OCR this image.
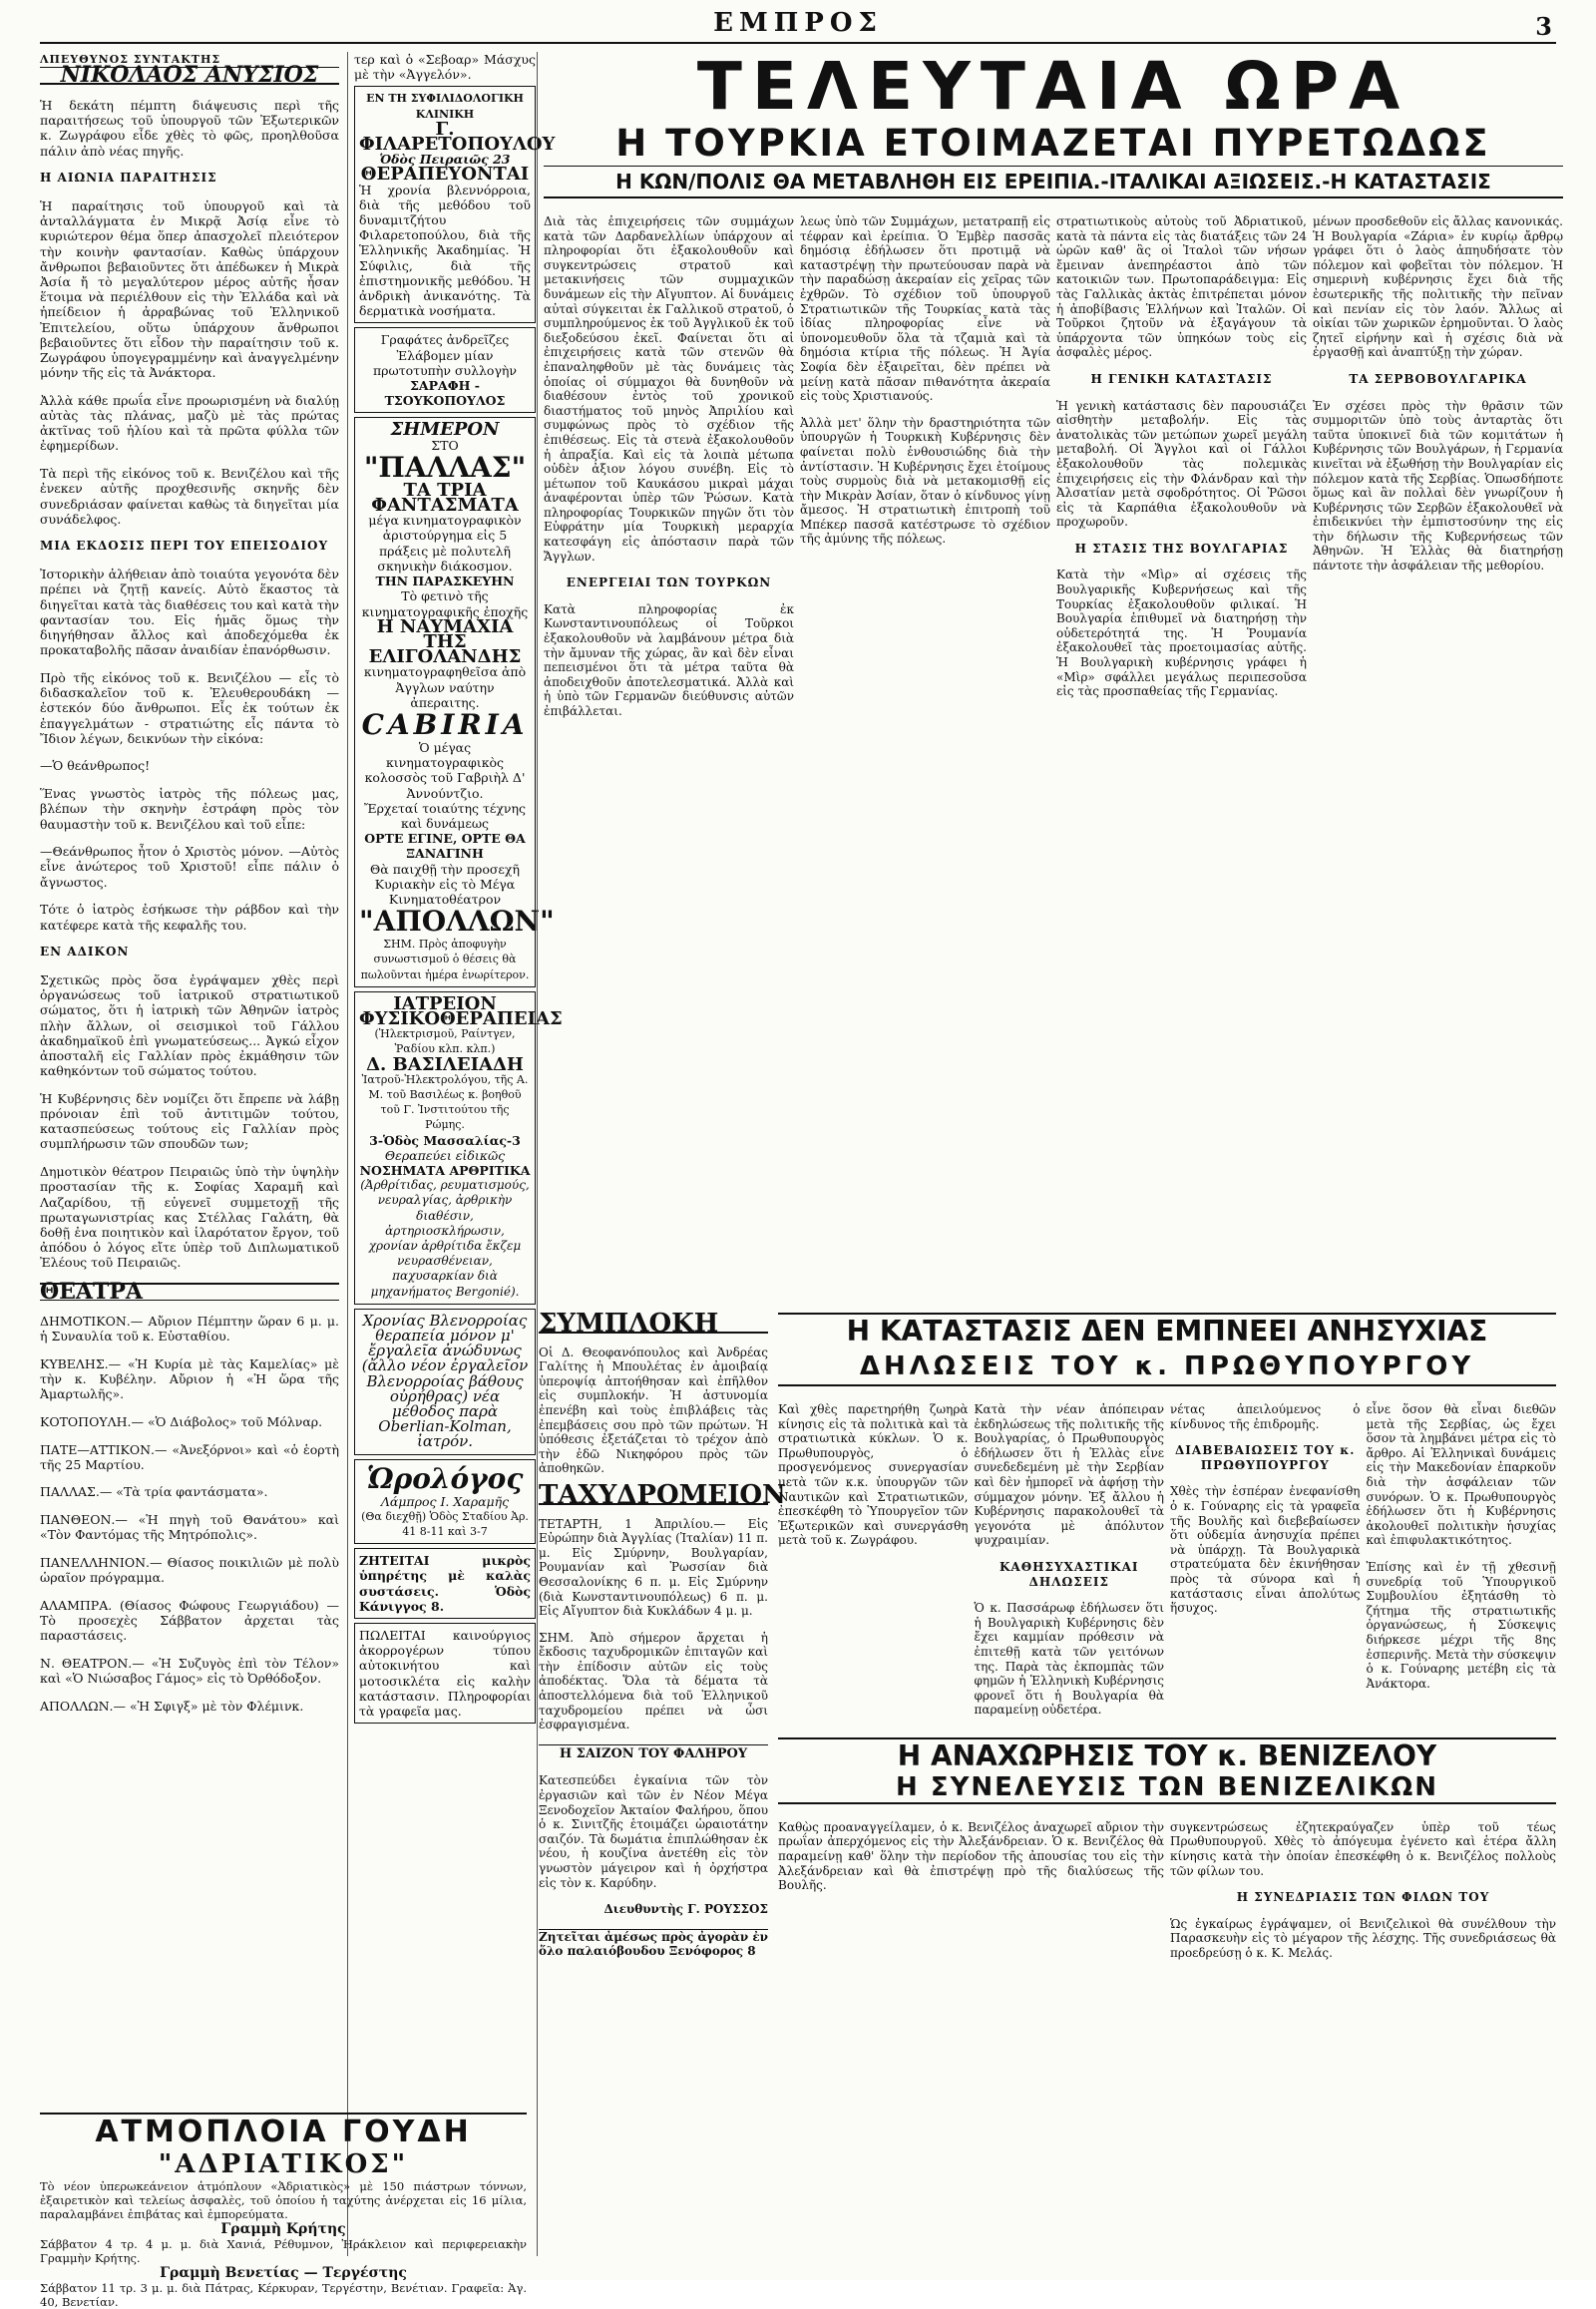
ΕΜΠΡΟΣ	3
ΛΠΕΥΘΥΝΟΣ ΣΥΝΤΑΚΤΗΣ
ΝΙΚΟΛΑΟΣ ΑΝΥΣΙΟΣ

Ἡ δεκάτη πέμπτη διάψευσις περὶ τῆς παραιτήσεως τοῦ ὑπουργοῦ τῶν Ἐξωτερικῶν κ. Ζωγράφου εἶδε χθὲς τὸ φῶς, προηλθοῦσα πάλιν ἀπὸ νέας πηγῆς.

Η ΑΙΩΝΙΑ ΠΑΡΑΙΤΗΣΙΣ

Ἡ παραίτησις τοῦ ὑπουργοῦ καὶ τὰ ἀνταλλάγματα ἐν Μικρᾷ Ἀσίᾳ εἶνε τὸ κυριώτερον θέμα ὅπερ ἀπασχολεῖ πλειότερον τὴν κοινὴν φαντασίαν. Καθὼς ὑπάρχουν ἄνθρωποι βεβαιοῦντες ὅτι ἀπέδωκεν ἡ Μικρὰ Ἀσία ἤ τὸ μεγαλύτερον μέρος αὐτῆς ἦσαν ἕτοιμα νὰ περιέλθουν εἰς τὴν Ἑλλάδα καὶ νὰ ἠπείδειον ἡ ἀρραβώνας τοῦ Ἑλληνικοῦ Ἐπιτελείου, οὕτω ὑπάρχουν ἄνθρωποι βεβαιοῦντες ὅτι εἶδον τὴν παραίτησιν τοῦ κ. Ζωγράφου ὑπογεγραμμένην καὶ ἀναγγελμένην μόνην τῆς εἰς τὰ Ἀνάκτορα.

Ἀλλὰ κάθε πρωΐα εἶνε προωρισμένη νὰ διαλύῃ αὐτὰς τὰς πλάνας, μαζὺ μὲ τὰς πρώτας ἀκτῖνας τοῦ ἡλίου καὶ τὰ πρῶτα φύλλα τῶν ἐφημερίδων.

Τὰ περὶ τῆς εἰκόνος τοῦ κ. Βενιζέλου καὶ τῆς ἐνεκεν αὐτῆς προχθεσινῆς σκηνῆς δὲν συνεδριάσαν φαίνεται καθὼς τὰ διηγεῖται μία συνάδελφος.

ΜΙΑ ΕΚΔΟΣΙΣ ΠΕΡΙ ΤΟΥ ΕΠΕΙΣΟΔΙΟΥ

Ἰστορικὴν ἀλήθειαν ἀπὸ τοιαύτα γεγονότα δὲν πρέπει νὰ ζητῇ κανείς. Αὐτὸ ἕκαστος τὰ διηγεῖται κατὰ τὰς διαθέσεις του καὶ κατὰ τὴν φαντασίαν του. Εἰς ἡμᾶς ὅμως τὴν διηγήθησαν ἄλλος καὶ ἀποδεχόμεθα ἐκ προκαταβολῆς πᾶσαν ἀναιδίαν ἐπανόρθωσιν.

Πρὸ τῆς εἰκόνος τοῦ κ. Βενιζέλου — εἶς τὸ διδασκαλεῖον τοῦ κ. Ἐλευθερουδάκη — ἐστεκόν δύο ἄνθρωποι. Εἶς ἐκ τούτων ἐκ ἐπαγγελμάτων - στρατιώτης εἶς πάντα τὸ Ἴδιον λέγων, δεικνύων τὴν εἰκόνα:

—Ὁ θεάνθρωπος!

Ἕνας γνωστὸς ἰατρὸς τῆς πόλεως μας, βλέπων τὴν σκηνὴν ἐστράφη πρὸς τὸν θαυμαστὴν τοῦ κ. Βενιζέλου καὶ τοῦ εἶπε:

—Θεάνθρωπος ἦτον ὁ Χριστὸς μόνον. —Αὐτὸς εἶνε ἀνώτερος τοῦ Χριστοῦ! εἶπε πάλιν ὁ ἄγνωστος.

Τότε ὁ ἰατρὸς ἐσήκωσε τὴν ράβδον καὶ τὴν κατέφερε κατὰ τῆς κεφαλῆς του.

ΕΝ ΑΔΙΚΟΝ

Σχετικῶς πρὸς ὅσα ἐγράψαμεν χθὲς περὶ ὀργανώσεως τοῦ ἰατρικοῦ στρατιωτικοῦ σώματος, ὅτι ἡ ἰατρικὴ τῶν Ἀθηνῶν ἰατρὸς πλὴν ἄλλων, οἱ σεισμικοὶ τοῦ Γάλλου ἀκαδημαϊκοῦ ἐπὶ γνωματεύσεως... Ἀγκώ εἶχον ἀποσταλῆ εἰς Γαλλίαν πρὸς ἐκμάθησιν τῶν καθηκόντων τοῦ σώματος τούτου.

Ἡ Κυβέρνησις δὲν νομίζει ὅτι ἔπρεπε νὰ λάβῃ πρόνοιαν ἐπὶ τοῦ ἀντιτιμῶν τούτου, κατασπεύσεως τούτους εἰς Γαλλίαν πρὸς συμπλήρωσιν τῶν σπουδῶν των;

Δημοτικὸν θέατρον Πειραιῶς ὑπὸ τὴν ὑψηλὴν προστασίαν τῆς κ. Σοφίας Χαραμῆ καὶ Λαζαρίδου, τῇ εὐγενεῖ συμμετοχῇ τῆς πρωταγωνιστρίας κας Στέλλας Γαλάτη, θὰ δοθῇ ἐνα ποιητικὸν καὶ ἱλαρότατον ἔργον, τοῦ ἀπόδου ὁ λόγος εἴτε ὑπὲρ τοῦ Διπλωματικοῦ Ἐλέους τοῦ Πειραιῶς.

ΘΕΑΤΡΑ

ΔΗΜΟΤΙΚΟΝ.— Αὔριον Πέμπτην ὥραν 6 μ. μ. ἡ Συναυλία τοῦ κ. Εὐσταθίου.

ΚΥΒΕΛΗΣ.— «Ἡ Κυρία μὲ τὰς Καμελίας» μὲ τὴν κ. Κυβέλην. Αὔριον ἡ «Ἡ ὥρα τῆς Ἀμαρτωλῆς».

ΚΟΤΟΠΟΥΛΗ.— «Ὁ Διάβολος» τοῦ Μόλναρ.

ΠΑΤΕ—ΑΤΤΙΚΟΝ.— «Ἀνεξόρνοι» καὶ «ὁ ἑορτὴ τῆς 25 Μαρτίου.

ΠΑΛΛΑΣ.— «Τὰ τρία φαντάσματα».

ΠΑΝΘΕΟΝ.— «Ἡ πηγὴ τοῦ Θανάτου» καὶ «Τὸν Φαντόμας τῆς Μητρόπολις».

ΠΑΝΕΛΛΗΝΙΟΝ.— Θίασος ποικιλιῶν μὲ πολὺ ὡραῖον πρόγραμμα.

ΑΛΑΜΠΡΑ. (Θίασος Φώφους Γεωργιάδου) —Τὸ προσεχὲς Σάββατον ἀρχεται τὰς παραστάσεις.

Ν. ΘΕΑΤΡΟΝ.— «Ἡ Συζυγὸς ἐπὶ τὸν Τέλον» καὶ «Ὁ Νιώσαβος Γάμος» εἰς τὸ Ὀρθόδοξον.

ΑΠΟΛΛΩΝ.— «Ἡ Σφιγξ» μὲ τὸν Φλέμινκ.

τερ καὶ ὁ «Σεβοαρ» Μάσχυς μὲ τὴν «Ἀγγελόν».
ΕΝ ΤΗ ΣΥΦΙΛΙΔΟΛΟΓΙΚΗ ΚΛΙΝΙΚΗ
Γ. ΦΙΛΑΡΕΤΟΠΟΥΛΟΥ
Ὁδὸς Πειραιῶς 23
ΘΕΡΑΠΕΥΟΝΤΑΙ
Ἡ χρονία βλεννόρροια, διὰ τῆς μεθόδου τοῦ δυναμιτζήτου Φιλαρετοπούλου, διὰ τῆς Ἑλληνικῆς Ἀκαδημίας. Ἡ Σύφιλις, διὰ τῆς ἐπιστημονικῆς μεθόδου. Ἡ ἀνδρικὴ ἀνικανότης. Τὰ δερματικὰ νοσήματα.
Γραφάτες ἀνδρεῖζες Ἐλάβομεν μίαν πρωτοτυπὴν συλλογὴν
ΣΑΡΑΦΗ - ΤΣΟΥΚΟΠΟΥΛΟΣ
ΣΗΜΕΡΟΝ
ΣΤΟ "ΠΑΛΛΑΣ"
ΤΑ ΤΡΙΑ ΦΑΝΤΑΣΜΑΤΑ
μέγα κινηματογραφικὸν ἀριστούργημα εἰς 5 πράξεις μὲ πολυτελῆ σκηνικὴν διάκοσμον.
ΤΗΝ ΠΑΡΑΣΚΕΥΗΝ
Τὸ φετινὸ τῆς κινηματογραφικῆς ἐποχῆς
Η ΝΑΥΜΑΧΙΑ ΤΗΣ ΕΛΙΓΟΛΑΝΔΗΣ
κινηματογραφηθεῖσα ἀπὸ Ἀγγλων ναύτην ἀπεραιτης.
CABIRIA
Ὁ μέγας κινηματογραφικὸς κολοσσὸς τοῦ Γαβριὴλ Δ' Ἀννούντζιο.
Ἔρχεταί τοιαύτης τέχνης καὶ δυνάμεως
ΟΡΤΕ ΕΓΙΝΕ, ΟΡΤΕ ΘΑ ΞΑΝΑΓΙΝΗ
Θὰ παιχθῇ τὴν προσεχῆ Κυριακὴν εἰς τὸ Μέγα Κινηματοθέατρον
"ΑΠΟΛΛΩΝ"
ΣΗΜ. Πρὸς ἀποφυγὴν συνωστισμοῦ ὁ θέσεις θὰ πωλοῦνται ἡμέρα ἐνωρίτερον.
ΙΑΤΡΕΙΟΝ
ΦΥΣΙΚΟΘΕΡΑΠΕΙΑΣ
(Ἠλεκτρισμοῦ, Ραίντγεν, Ῥαδίου κλπ. κλπ.)
Δ. ΒΑΣΙΛΕΙΑΔΗ
Ἰατροῦ-Ἠλεκτρολόγου, τῆς Α. Μ. τοῦ Βασιλέως κ. βοηθοῦ τοῦ Γ. Ἰνστιτούτου τῆς Ρώμης.
3-Ὁδὸς Μασσαλίας-3
Θεραπεύει εἰδικῶς
ΝΟΣΗΜΑΤΑ ΑΡΘΡΙΤΙΚΑ
(Ἀρθρίτιδας, ρευματισμούς, νευραλγίας, ἀρθρικὴν διαθέσιν, ἀρτηριοσκλήρωσιν, χρονίαν ἀρθρίτιδα ἔκζεμ νευρασθένειαν, παχυσαρκίαν διὰ μηχανήματος Bergonié).
Χρονίας Βλενορροίας θεραπεία μόνον μ' ἔργαλεῖα ἀνώδυνως (ἄλλο νέον ἐργαλεῖον Βλενορροίας βάθους οὐρήθρας) νέα μέθοδος παρὰ Oberlian-Kolman, ἰατρόν.
Ὡρολόγος
Λάμπρος Ι. Χαραμῆς
(Θα διεχθῇ) Ὁδὸς Σταδίου Ἀρ. 41 8-11 καὶ 3-7
ΖΗΤΕΙΤΑΙ μικρὸς ὑπηρέτης μὲ καλὰς συστάσεις. Ὁδὸς Κάνιγγος 8.
ΠΩΛΕΙΤΑΙ καινούργιος ἀκορρογέρων τύπου αὐτοκινήτου καὶ μοτοσικλέτα εἰς καλὴν κατάστασιν. Πληροφορίαι τὰ γραφεῖα μας.
ΤΕΛΕΥΤΑΙΑ ΩΡΑ
Η ΤΟΥΡΚΙΑ ΕΤΟΙΜΑΖΕΤΑΙ ΠΥΡΕΤΩΔΩΣ
Η ΚΩΝ/ΠΟΛΙΣ ΘΑ ΜΕΤΑΒΛΗΘΗ ΕΙΣ ΕΡΕΙΠΙΑ.-ΙΤΑΛΙΚΑΙ ΑΞΙΩΣΕΙΣ.-Η ΚΑΤΑΣΤΑΣΙΣ

Διὰ τὰς ἐπιχειρήσεις τῶν συμμάχων κατὰ τῶν Δαρδανελλίων ὑπάρχουν αἱ πληροφορίαι ὅτι ἐξακολουθοῦν καὶ συγκεντρώσεις στρατοῦ καὶ μετακινήσεις τῶν συμμαχικῶν δυνάμεων εἰς τὴν Αἴγυπτον. Αἱ δυνάμεις αὐταὶ σύγκειται ἐκ Γαλλικοῦ στρατοῦ, ὁ συμπληρούμενος ἐκ τοῦ Ἀγγλικοῦ ἐκ τοῦ διεξοδεύσου ἐκεῖ. Φαίνεται ὅτι αἱ ἐπιχειρήσεις κατὰ τῶν στενῶν θὰ ἐπαναληφθοῦν μὲ τὰς δυνάμεις τὰς ὁποίας οἱ σύμμαχοι θὰ δυνηθοῦν νὰ διαθέσουν ἐντὸς τοῦ χρονικοῦ διαστήματος τοῦ μηνὸς Ἀπριλίου καὶ συμφώνως πρὸς τὸ σχέδιον τῆς ἐπιθέσεως. Εἰς τὰ στενὰ ἐξακολουθοῦν ἡ ἀπραξία. Καὶ εἰς τὰ λοιπὰ μέτωπα οὐδὲν ἀξιον λόγου συνέβη. Εἰς τὸ μέτωπον τοῦ Καυκάσου μικραὶ μάχαι ἀναφέρονται ὑπὲρ τῶν Ῥώσων. Κατὰ πληροφορίας Τουρκικῶν πηγῶν ὅτι τὸν Εὐφράτην μία Τουρκικὴ μεραρχία κατεσφάγη εἰς ἀπόστασιν παρὰ τῶν Ἄγγλων.

ΕΝΕΡΓΕΙΑΙ ΤΩΝ ΤΟΥΡΚΩΝ

Κατὰ πληροφορίας ἐκ Κωνσταντινουπόλεως οἱ Τοῦρκοι ἐξακολουθοῦν νὰ λαμβάνουν μέτρα διὰ τὴν ἄμυναν τῆς χώρας, ἂν καὶ δὲν εἶναι πεπεισμένοι ὅτι τὰ μέτρα ταῦτα θὰ ἀποδειχθοῦν ἀποτελεσματικά. Ἀλλὰ καὶ ἡ ὑπὸ τῶν Γερμανῶν διεύθυνσις αὐτῶν ἐπιβάλλεται.

λεως ὑπὸ τῶν Συμμάχων, μετατραπῇ εἰς τέφραν καὶ ἐρείπια. Ὁ Ἐμβὲρ πασσᾶς δημόσιᾳ ἐδήλωσεν ὅτι προτιμᾷ νὰ καταστρέψῃ τὴν πρωτεύουσαν παρὰ νὰ τὴν παραδώσῃ ἀκεραίαν εἰς χεῖρας τῶν ἐχθρῶν. Τὸ σχέδιον τοῦ ὑπουργοῦ Στρατιωτικῶν τῆς Τουρκίας κατὰ τὰς ἰδίας πληροφορίας εἶνε νὰ ὑπονομευθοῦν ὅλα τὰ τζαμιὰ καὶ τὰ δημόσια κτίρια τῆς πόλεως. Ἡ Ἁγία Σοφία δὲν ἐξαιρεῖται, δὲν πρέπει νὰ μείνῃ κατὰ πᾶσαν πιθανότητα ἀκεραία εἰς τοὺς Χριστιανούς.

Ἀλλὰ μετ' ὅλην τὴν δραστηριότητα τῶν ὑπουργῶν ἡ Τουρκικὴ Κυβέρνησις δὲν φαίνεται πολὺ ἐνθουσιώδης διὰ τὴν ἀντίστασιν. Ἡ Κυβέρνησις ἔχει ἑτοίμους τοὺς συρμοὺς διὰ νὰ μετακομισθῇ εἰς τὴν Μικρὰν Ἀσίαν, ὅταν ὁ κίνδυνος γίνῃ ἄμεσος. Ἡ στρατιωτικὴ ἐπιτροπὴ τοῦ Μπέκερ πασσᾶ κατέστρωσε τὸ σχέδιον τῆς ἀμύνης τῆς πόλεως.

στρατιωτικοὺς αὐτοὺς τοῦ Ἀδριατικοῦ, κατὰ τὰ πάντα εἰς τὰς διατάξεις τῶν 24 ὡρῶν καθ' ἃς οἱ Ἰταλοὶ τῶν νήσων ἔμειναν ἀνεπηρέαστοι ἀπὸ τῶν κατοικιῶν των. Πρωτοπαράδειγμα: Εἰς τὰς Γαλλικὰς ἀκτὰς ἐπιτρέπεται μόνον ἡ ἀποβίβασις Ἑλλήνων καὶ Ἰταλῶν. Οἱ Τοῦρκοι ζητοῦν νὰ ἐξαγάγουν τὰ ὑπάρχοντα τῶν ὑπηκόων τοὺς εἰς ἀσφαλὲς μέρος.

Η ΓΕΝΙΚΗ ΚΑΤΑΣΤΑΣΙΣ

Ἡ γενικὴ κατάστασις δὲν παρουσιάζει αἰσθητὴν μεταβολήν. Εἰς τὰς ἀνατολικὰς τῶν μετώπων χωρεῖ μεγάλη μεταβολή. Οἱ Ἄγγλοι καὶ οἱ Γάλλοι ἐξακολουθοῦν τὰς πολεμικὰς ἐπιχειρήσεις εἰς τὴν Φλάνδραν καὶ τὴν Ἀλσατίαν μετὰ σφοδρότητος. Οἱ Ῥῶσοι εἰς τὰ Καρπάθια ἐξακολουθοῦν νὰ προχωροῦν.

Η ΣΤΑΣΙΣ ΤΗΣ ΒΟΥΛΓΑΡΙΑΣ

Κατὰ τὴν «Μὶρ» αἱ σχέσεις τῆς Βουλγαρικῆς Κυβερνήσεως καὶ τῆς Τουρκίας ἐξακολουθοῦν φιλικαί. Ἡ Βουλγαρία ἐπιθυμεῖ νὰ διατηρήσῃ τὴν οὐδετερότητά της. Ἡ Ῥουμανία ἐξακολουθεῖ τὰς προετοιμασίας αὐτῆς. Ἡ Βουλγαρικὴ κυβέρνησις γράφει ἡ «Μὶρ» σφάλλει μεγάλως περιπεσοῦσα εἰς τὰς προσπαθείας τῆς Γερμανίας.

μένων προσδεθοῦν εἰς ἄλλας κανονικάς. Ἡ Βουλγαρία «Ζάρια» ἐν κυρίῳ ἄρθρῳ γράφει ὅτι ὁ λαὸς ἀπηυδήσατε τὸν πόλεμον καὶ φοβεῖται τὸν πόλεμον. Ἡ σημερινὴ κυβέρνησις ἔχει διὰ τῆς ἐσωτερικῆς τῆς πολιτικῆς τὴν πεῖναν καὶ πενίαν εἰς τὸν λαόν. Ἄλλως αἱ οἰκίαι τῶν χωρικῶν ἐρημοῦνται. Ὁ λαὸς ζητεῖ εἰρήνην καὶ ἡ σχέσις διὰ νὰ ἐργασθῇ καὶ ἀναπτύξῃ τὴν χώραν.

ΤΑ ΣΕΡΒΟΒΟΥΛΓΑΡΙΚΑ

Ἐν σχέσει πρὸς τὴν θρᾶσιν τῶν συμμοριτῶν ὑπὸ τοὺς ἀνταρτὰς ὅτι ταῦτα ὑποκινεῖ διὰ τῶν κομιτάτων ἡ Κυβέρνησις τῶν Βουλγάρων, ἡ Γερμανία κινεῖται νὰ ἐξωθήσῃ τὴν Βουλγαρίαν εἰς πόλεμον κατὰ τῆς Σερβίας. Ὁπωσδήποτε ὅμως καὶ ἂν πολλαὶ δὲν γνωρίζουν ἡ Κυβέρνησις τῶν Σερβῶν ἐξακολουθεῖ νὰ ἐπιδεικνύει τὴν ἐμπιστοσύνην της εἰς τὴν δήλωσιν τῆς Κυβερνήσεως τῶν Ἀθηνῶν. Ἡ Ἑλλὰς θὰ διατηρήσῃ πάντοτε τὴν ἀσφάλειαν τῆς μεθορίου.

ΣΥΜΠΛΟΚΗ

Οἱ Δ. Θεοφανόπουλος καὶ Ἀνδρέας Γαλίτης ἡ Μπουλέτας ἐν ἀμοιβαίᾳ ὑπεροψίᾳ ἀπτοήθησαν καὶ ἐπῆλθον εἰς συμπλοκήν. Ἡ ἀστυνομία ἐπενέβη καὶ τοὺς ἐπιβλάβεις τὰς ἐπεμβάσεις σου πρὸ τῶν πρώτων. Ἡ ὑπόθεσις ἐξετάζεται τὸ τρέχον ἀπὸ τὴν ἐδῶ Νικηφόρου πρὸς τῶν ἀποθηκῶν.

ΤΑΧΥΔΡΟΜΕΙΟΝ

ΤΕΤΑΡΤΗ, 1 Ἀπριλίου.— Εἰς Εὐρώπην διὰ Ἀγγλίας (Ἰταλίαν) 11 π. μ. Εἰς Σμύρνην, Βουλγαρίαν, Ρουμανίαν καὶ Ῥωσσίαν διὰ Θεσσαλονίκης 6 π. μ. Εἰς Σμύρνην (διὰ Κωνσταντινουπόλεως) 6 π. μ. Εἰς Αἴγυπτον διὰ Κυκλάδων 4 μ. μ.

ΣΗΜ. Ἀπὸ σήμερον ἄρχεται ἡ ἔκδοσις ταχυδρομικῶν ἐπιταγῶν καὶ τὴν ἐπίδοσιν αὐτῶν εἰς τοὺς ἀποδέκτας. Ὅλα τὰ δέματα τὰ ἀποστελλόμενα διὰ τοῦ Ἑλληνικοῦ ταχυδρομείου πρέπει νὰ ὦσι ἐσφραγισμένα.

Η ΣΑΙΖΟΝ ΤΟΥ ΦΑΛΗΡΟΥ

Κατεσπεύδει ἐγκαίνια τῶν τὸν ἐργασιῶν καὶ τῶν ἐν Νέον Μέγα Ξενοδοχεῖον Ἀκταίον Φαλήρου, ὅπου ὁ κ. Σινιτζῆς ἑτοιμάζει ὡραιοτάτην σαιζόν. Τὰ δωμάτια ἐπιπλώθησαν ἐκ νέου, ἡ κουζίνα ἀνετέθη εἰς τὸν γνωστὸν μάγειρον καὶ ἡ ὀρχήστρα εἰς τὸν κ. Καρύδην.

Διευθυντὴς Γ. ΡΟΥΣΣΟΣ

Ζητεῖται ἀμέσως πρὸς ἀγορὰν ἐν ὅλο παλαιόβουδου Ξενόφορος 8

Η ΚΑΤΑΣΤΑΣΙΣ ΔΕΝ ΕΜΠΝΕΕΙ ΑΝΗΣΥΧΙΑΣ
ΔΗΛΩΣΕΙΣ ΤΟΥ κ. ΠΡΩΘΥΠΟΥΡΓΟΥ

Καὶ χθὲς παρετηρήθη ζωηρὰ κίνησις εἰς τὰ πολιτικὰ καὶ τὰ στρατιωτικὰ κύκλων. Ὁ κ. Πρωθυπουργὸς, ὁ προσγενόμενος συνεργασίαν μετὰ τῶν κ.κ. ὑπουργῶν τῶν Ναυτικῶν καὶ Στρατιωτικῶν, ἐπεσκέφθη τὸ Ὑπουργεῖον τῶν Ἐξωτερικῶν καὶ συνεργάσθη μετὰ τοῦ κ. Ζωγράφου.

Κατὰ τὴν νέαν ἀπόπειραν ἐκδηλώσεως τῆς πολιτικῆς τῆς Βουλγαρίας, ὁ Πρωθυπουργὸς ἐδήλωσεν ὅτι ἡ Ἑλλὰς εἶνε συνεδεδεμένη μὲ τὴν Σερβίαν καὶ δὲν ἠμπορεῖ νὰ ἀφήσῃ τὴν σύμμαχον μόνην. Ἐξ ἄλλου ἡ Κυβέρνησις παρακολουθεῖ τὰ γεγονότα μὲ ἀπόλυτον ψυχραιμίαν.

ΚΑΘΗΣΥΧΑΣΤΙΚΑΙ ΔΗΛΩΣΕΙΣ

Ὁ κ. Πασσάρωφ ἐδήλωσεν ὅτι ἡ Βουλγαρικὴ Κυβέρνησις δὲν ἔχει καμμίαν πρόθεσιν νὰ ἐπιτεθῇ κατὰ τῶν γειτόνων της. Παρὰ τὰς ἐκπομπὰς τῶν φημῶν ἡ Ἑλληνικὴ Κυβέρνησις φρονεῖ ὅτι ἡ Βουλγαρία θὰ παραμείνῃ οὐδετέρα.

νέτας ἀπειλούμενος ὁ κίνδυνος τῆς ἐπιδρομῆς.

ΔΙΑΒΕΒΑΙΩΣΕΙΣ ΤΟΥ κ. ΠΡΩΘΥΠΟΥΡΓΟΥ

Χθὲς τὴν ἑσπέραν ἐνεφανίσθη ὁ κ. Γούναρης εἰς τὰ γραφεῖα τῆς Βουλῆς καὶ διεβεβαίωσεν ὅτι οὐδεμία ἀνησυχία πρέπει νὰ ὑπάρχῃ. Τὰ Βουλγαρικὰ στρατεύματα δὲν ἐκινήθησαν πρὸς τὰ σύνορα καὶ ἡ κατάστασις εἶναι ἀπολύτως ἥσυχος.

εἶνε ὅσον θὰ εἶναι διεθῶν μετὰ τῆς Σερβίας, ὡς ἔχει ὅσον τὰ λημβάνει μέτρα εἰς τὸ ἄρθρο. Αἱ Ἑλληνικαὶ δυνάμεις εἰς τὴν Μακεδονίαν ἐπαρκοῦν διὰ τὴν ἀσφάλειαν τῶν συνόρων. Ὁ κ. Πρωθυπουργὸς ἐδήλωσεν ὅτι ἡ Κυβέρνησις ἀκολουθεῖ πολιτικὴν ἡσυχίας καὶ ἐπιφυλακτικότητος.

Ἐπίσης καὶ ἐν τῇ χθεσινῇ συνεδρίᾳ τοῦ Ὑπουργικοῦ Συμβουλίου ἐξητάσθη τὸ ζήτημα τῆς στρατιωτικῆς ὀργανώσεως, ἡ Σύσκεψις διήρκεσε μέχρι τῆς 8ης ἑσπερινῆς. Μετὰ τὴν σύσκεψιν ὁ κ. Γούναρης μετέβη εἰς τὰ Ἀνάκτορα.

Η ΑΝΑΧΩΡΗΣΙΣ ΤΟΥ κ. ΒΕΝΙΖΕΛΟΥ
Η ΣΥΝΕΛΕΥΣΙΣ ΤΩΝ ΒΕΝΙΖΕΛΙΚΩΝ

Καθὼς προαναγγείλαμεν, ὁ κ. Βενιζέλος ἀναχωρεῖ αὔριον τὴν πρωΐαν ἀπερχόμενος εἰς τὴν Ἀλεξάνδρειαν. Ὁ κ. Βενιζέλος θὰ παραμείνῃ καθ' ὅλην τὴν περίοδον τῆς ἀπουσίας του εἰς τὴν Ἀλεξάνδρειαν καὶ θὰ ἐπιστρέψῃ πρὸ τῆς διαλύσεως τῆς Βουλῆς.

συγκεντρώσεως ἐζητεκραύγαζεν ὑπὲρ τοῦ τέως Πρωθυπουργοῦ. Χθὲς τὸ ἀπόγευμα ἐγένετο καὶ ἑτέρα ἄλλη κίνησις κατὰ τὴν ὁποίαν ἐπεσκέφθη ὁ κ. Βενιζέλος πολλοὺς τῶν φίλων του.

Η ΣΥΝΕΔΡΙΑΣΙΣ ΤΩΝ ΦΙΛΩΝ ΤΟΥ

Ὡς ἐγκαίρως ἐγράψαμεν, οἱ Βενιζελικοὶ θὰ συνέλθουν τὴν Παρασκευὴν εἰς τὸ μέγαρον τῆς λέσχης. Τῆς συνεδριάσεως θὰ προεδρεύσῃ ὁ κ. Κ. Μελάς.

ΑΤΜΟΠΛΟΙΑ ΓΟΥΔΗ
"ΑΔΡΙΑΤΙΚΟΣ"
Τὸ νέον ὑπερωκεάνειον ἀτμόπλουν «Ἀδριατικὸς» μὲ 150 πιάστρων τόννων, ἐξαιρετικὸν καὶ τελείως ἀσφαλὲς, τοῦ ὁποίου ἡ ταχύτης ἀνέρχεται εἰς 16 μίλια, παραλαμβάνει ἐπιβάτας καὶ ἐμπορεύματα.
Γραμμὴ Κρήτης
Σάββατον 4 τρ. 4 μ. μ. διὰ Χανιά, Ρέθυμνον, Ἡράκλειον καὶ περιφερειακὴν Γραμμὴν Κρήτης.
Γραμμὴ Βενετίας — Τεργέστης
Σάββατον 11 τρ. 3 μ. μ. διὰ Πάτρας, Κέρκυραν, Τεργέστην, Βενέτιαν. Γραφεῖα: Ἀγ. 40, Βενετίαν.
